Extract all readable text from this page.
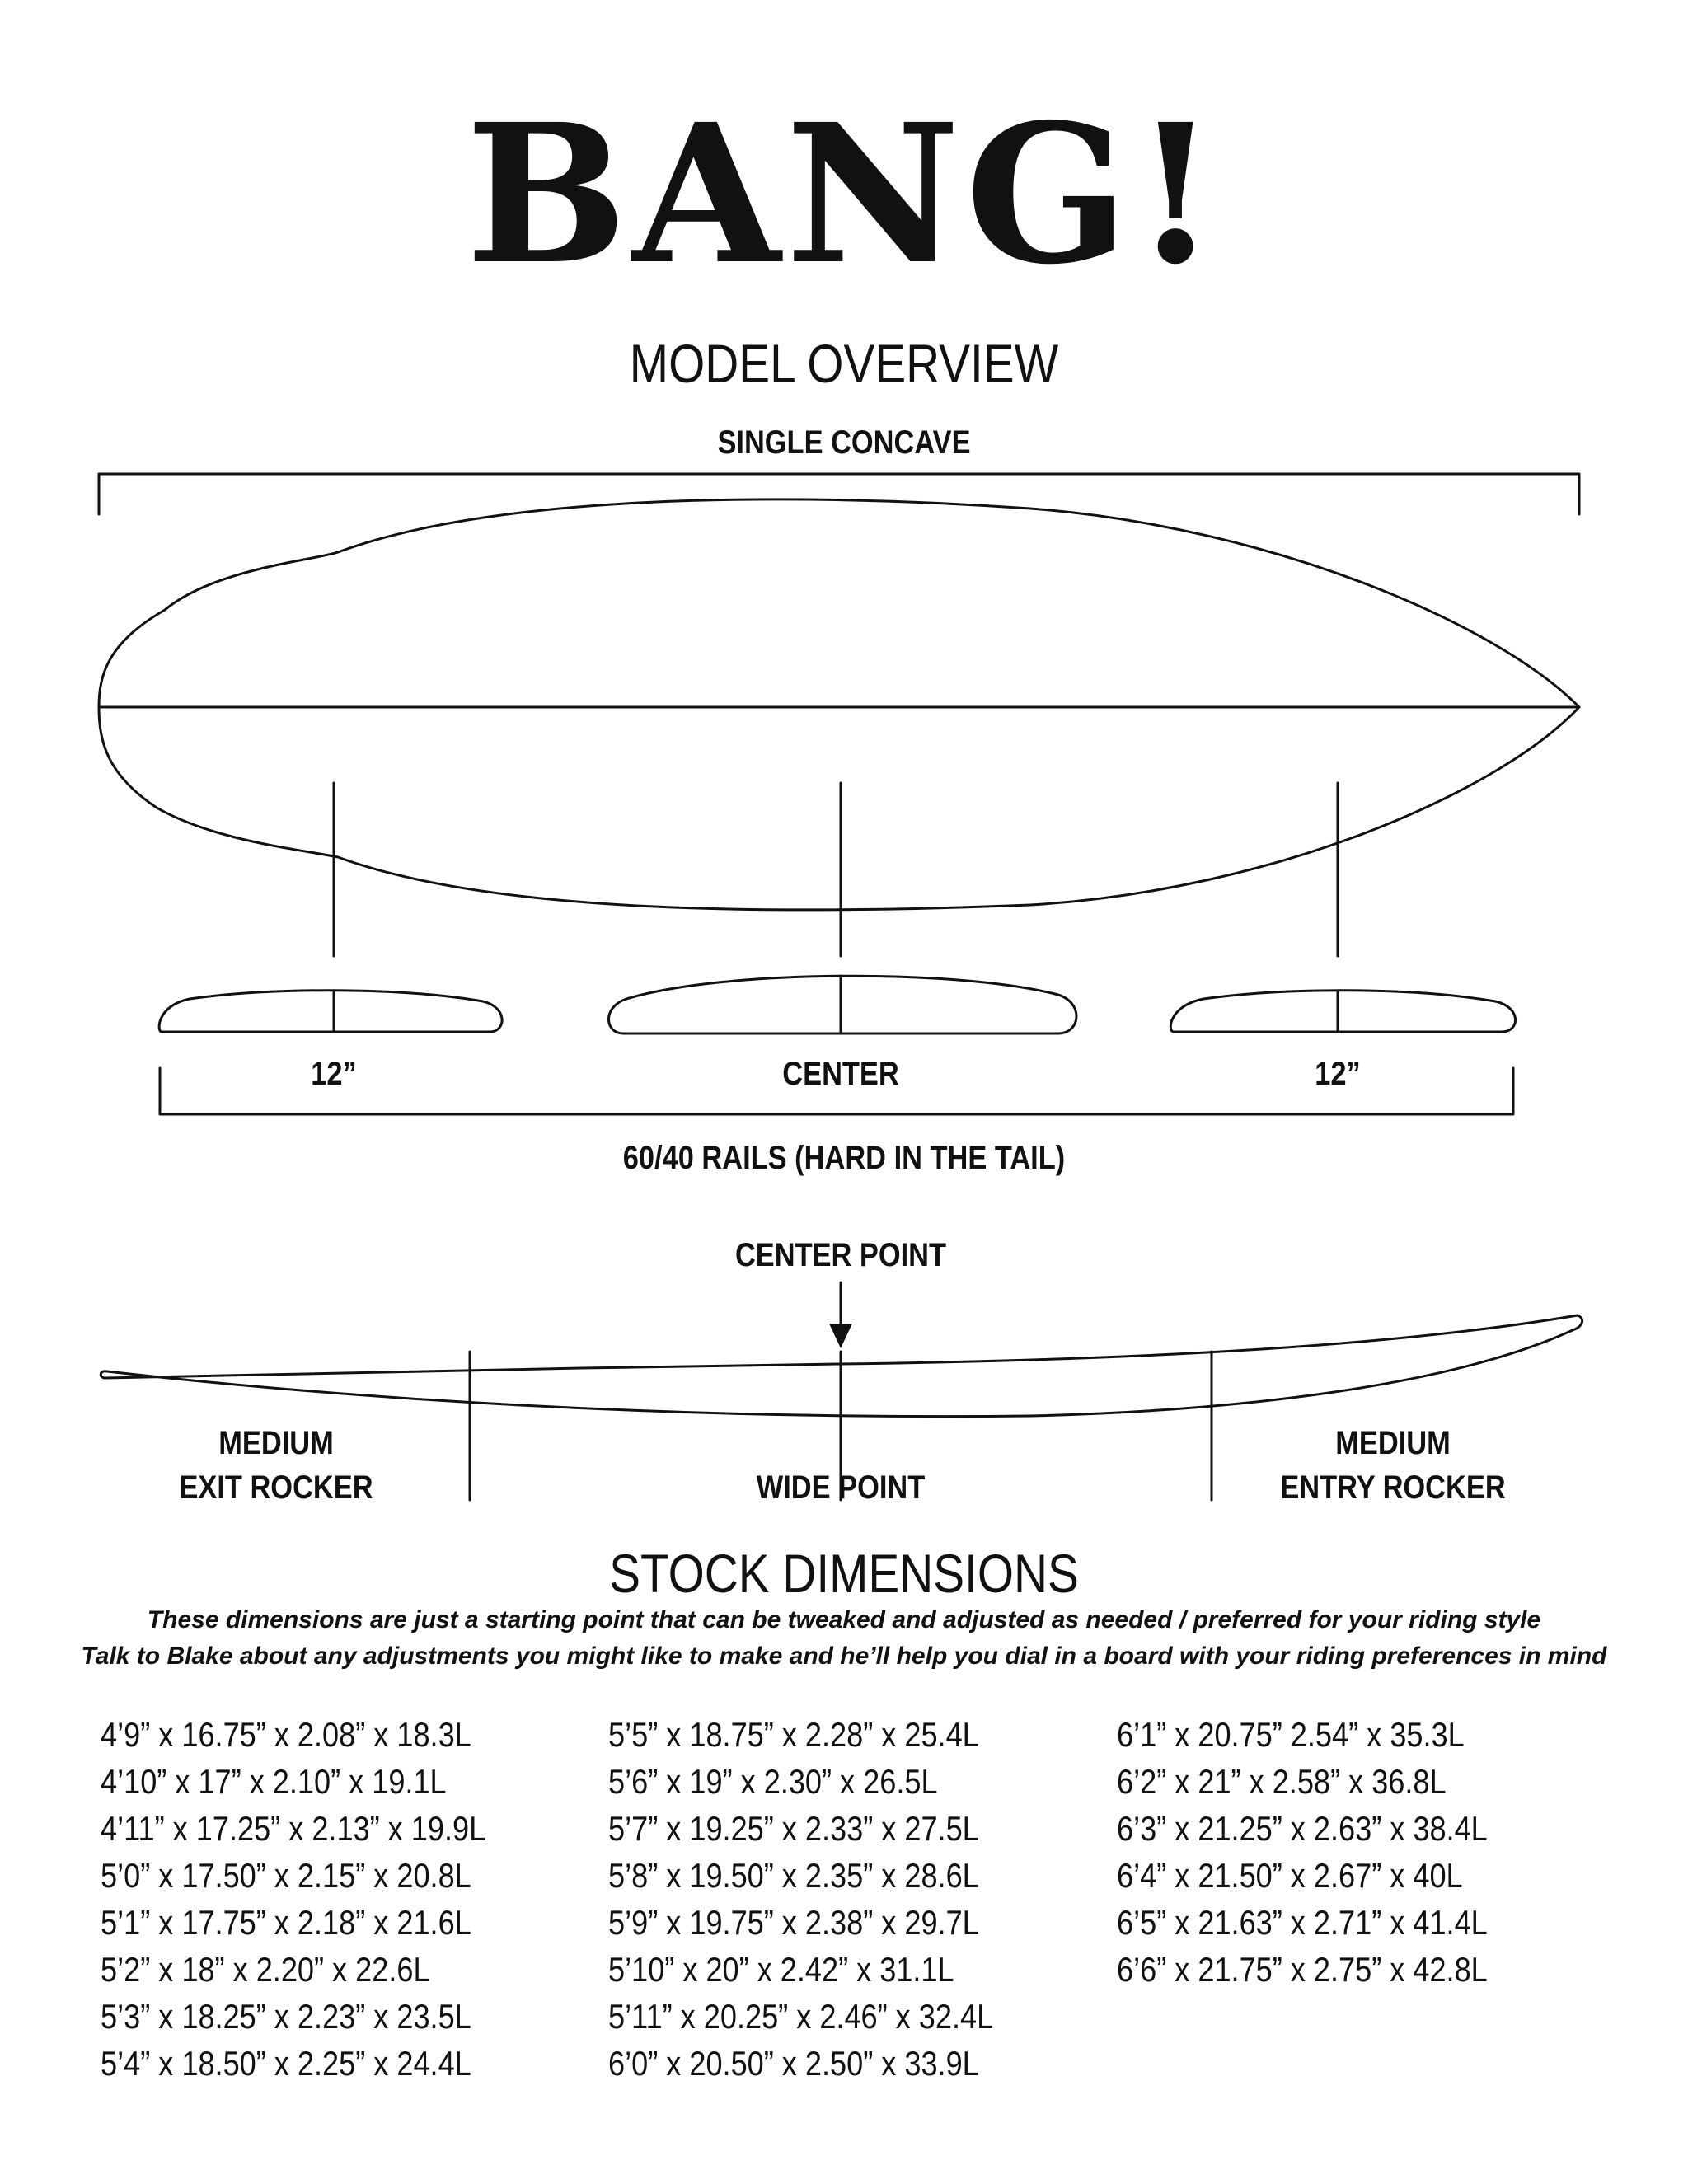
BANG!
MODEL OVERVIEW
SINGLE CONCAVE
12”	CENTER	12”
60/40 RAILS (HARD IN THE TAIL)
CENTER POINT
MEDIUM
EXIT ROCKER	WIDE POINT
MEDIUM
ENTRY ROCKER
STOCK DIMENSIONS
These dimensions are just a starting point that can be tweaked and adjusted as needed / preferred for your riding style
Talk to Blake about any adjustments you might like to make and he’ll help you dial in a board with your riding preferences in mind
4’9” x 16.75” x 2.08” x 18.3L
4’10” x 17” x 2.10” x 19.1L
4’11” x 17.25” x 2.13” x 19.9L
5’0” x 17.50” x 2.15” x 20.8L
5’1” x 17.75” x 2.18” x 21.6L
5’2” x 18” x 2.20” x 22.6L
5’3” x 18.25” x 2.23” x 23.5L
5’4” x 18.50” x 2.25” x 24.4L
5’5” x 18.75” x 2.28” x 25.4L
5’6” x 19” x 2.30” x 26.5L
5’7” x 19.25” x 2.33” x 27.5L
5’8” x 19.50” x 2.35” x 28.6L
5’9” x 19.75” x 2.38” x 29.7L
5’10” x 20” x 2.42” x 31.1L
5’11” x 20.25” x 2.46” x 32.4L
6’0” x 20.50” x 2.50” x 33.9L
6’1” x 20.75” 2.54” x 35.3L
6’2” x 21” x 2.58” x 36.8L
6’3” x 21.25” x 2.63” x 38.4L
6’4” x 21.50” x 2.67” x 40L
6’5” x 21.63” x 2.71” x 41.4L
6’6” x 21.75” x 2.75” x 42.8L
